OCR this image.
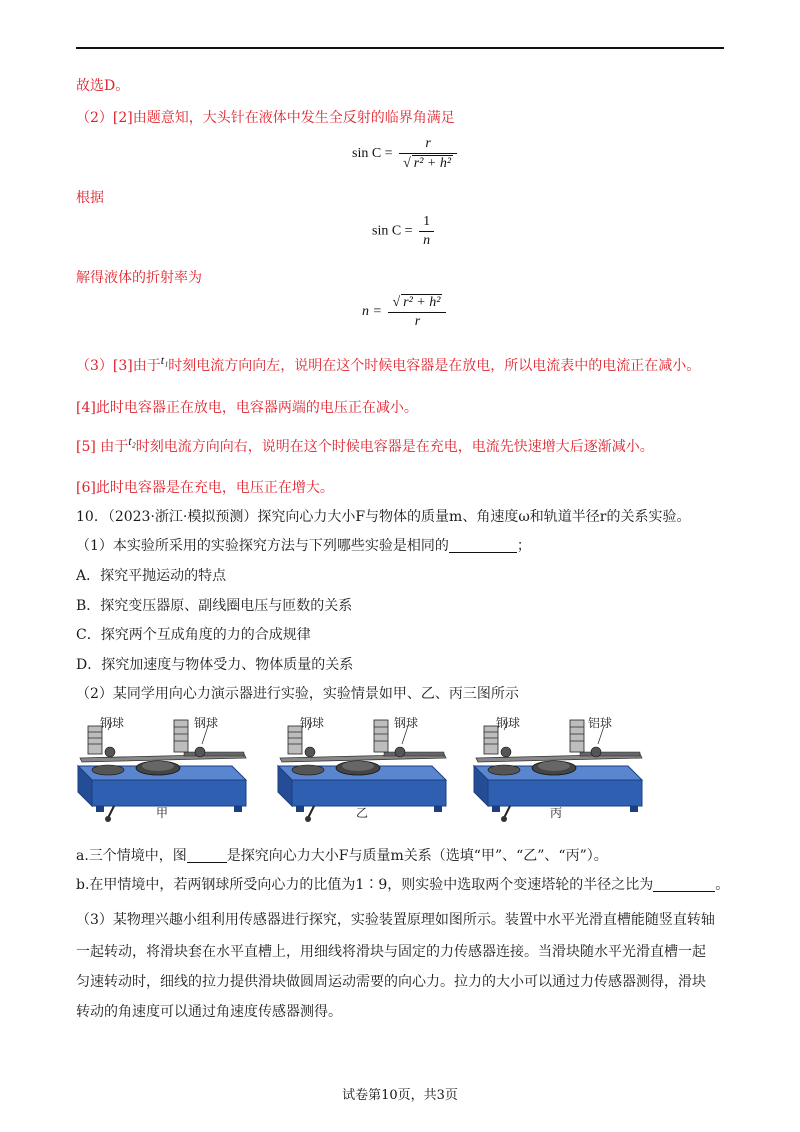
故选D。
（2）[2]由题意知，大头针在液体中发生全反射的临界角满足
$\sin C = \frac{r}{\text{√ r² + h²}}$
根据
$\sin C = \frac{1}{n}$
解得液体的折射率为
$n = \frac{\text{√ r² + h²}}{r}$
（3）[3]由于t₁时刻电流方向向左，说明在这个时候电容器是在放电，所以电流表中的电流正在减小。
[4]此时电容器正在放电，电容器两端的电压正在减小。
[5] 由于t₂时刻电流方向向右，说明在这个时候电容器是在充电，电流先快速增大后逐渐减小。
[6]此时电容器是在充电，电压正在增大。
10．（2023·浙江·模拟预测）探究向心力大小F与物体的质量m、角速度ω和轨道半径r的关系实验。
（1）本实验所采用的实验探究方法与下列哪些实验是相同的	；
A．探究平抛运动的特点
B．探究变压器原、副线圈电压与匝数的关系
C．探究两个互成角度的力的合成规律
D．探究加速度与物体受力、物体质量的关系
（2）某同学用向心力演示器进行实验，实验情景如甲、乙、丙三图所示
钢球	钢球
甲
钢球	钢球
乙
钢球	铝球
丙
a.三个情境中，图	是探究向心力大小F与质量m关系（选填“甲”、“乙”、“丙”）。
b.在甲情境中，若两钢球所受向心力的比值为1∶9，则实验中选取两个变速塔轮的半径之比为	。
（3）某物理兴趣小组利用传感器进行探究，实验装置原理如图所示。装置中水平光滑直槽能随竖直转轴
一起转动，将滑块套在水平直槽上，用细线将滑块与固定的力传感器连接。当滑块随水平光滑直槽一起
匀速转动时，细线的拉力提供滑块做圆周运动需要的向心力。拉力的大小可以通过力传感器测得，滑块
转动的角速度可以通过角速度传感器测得。
试卷第10页，共3页
